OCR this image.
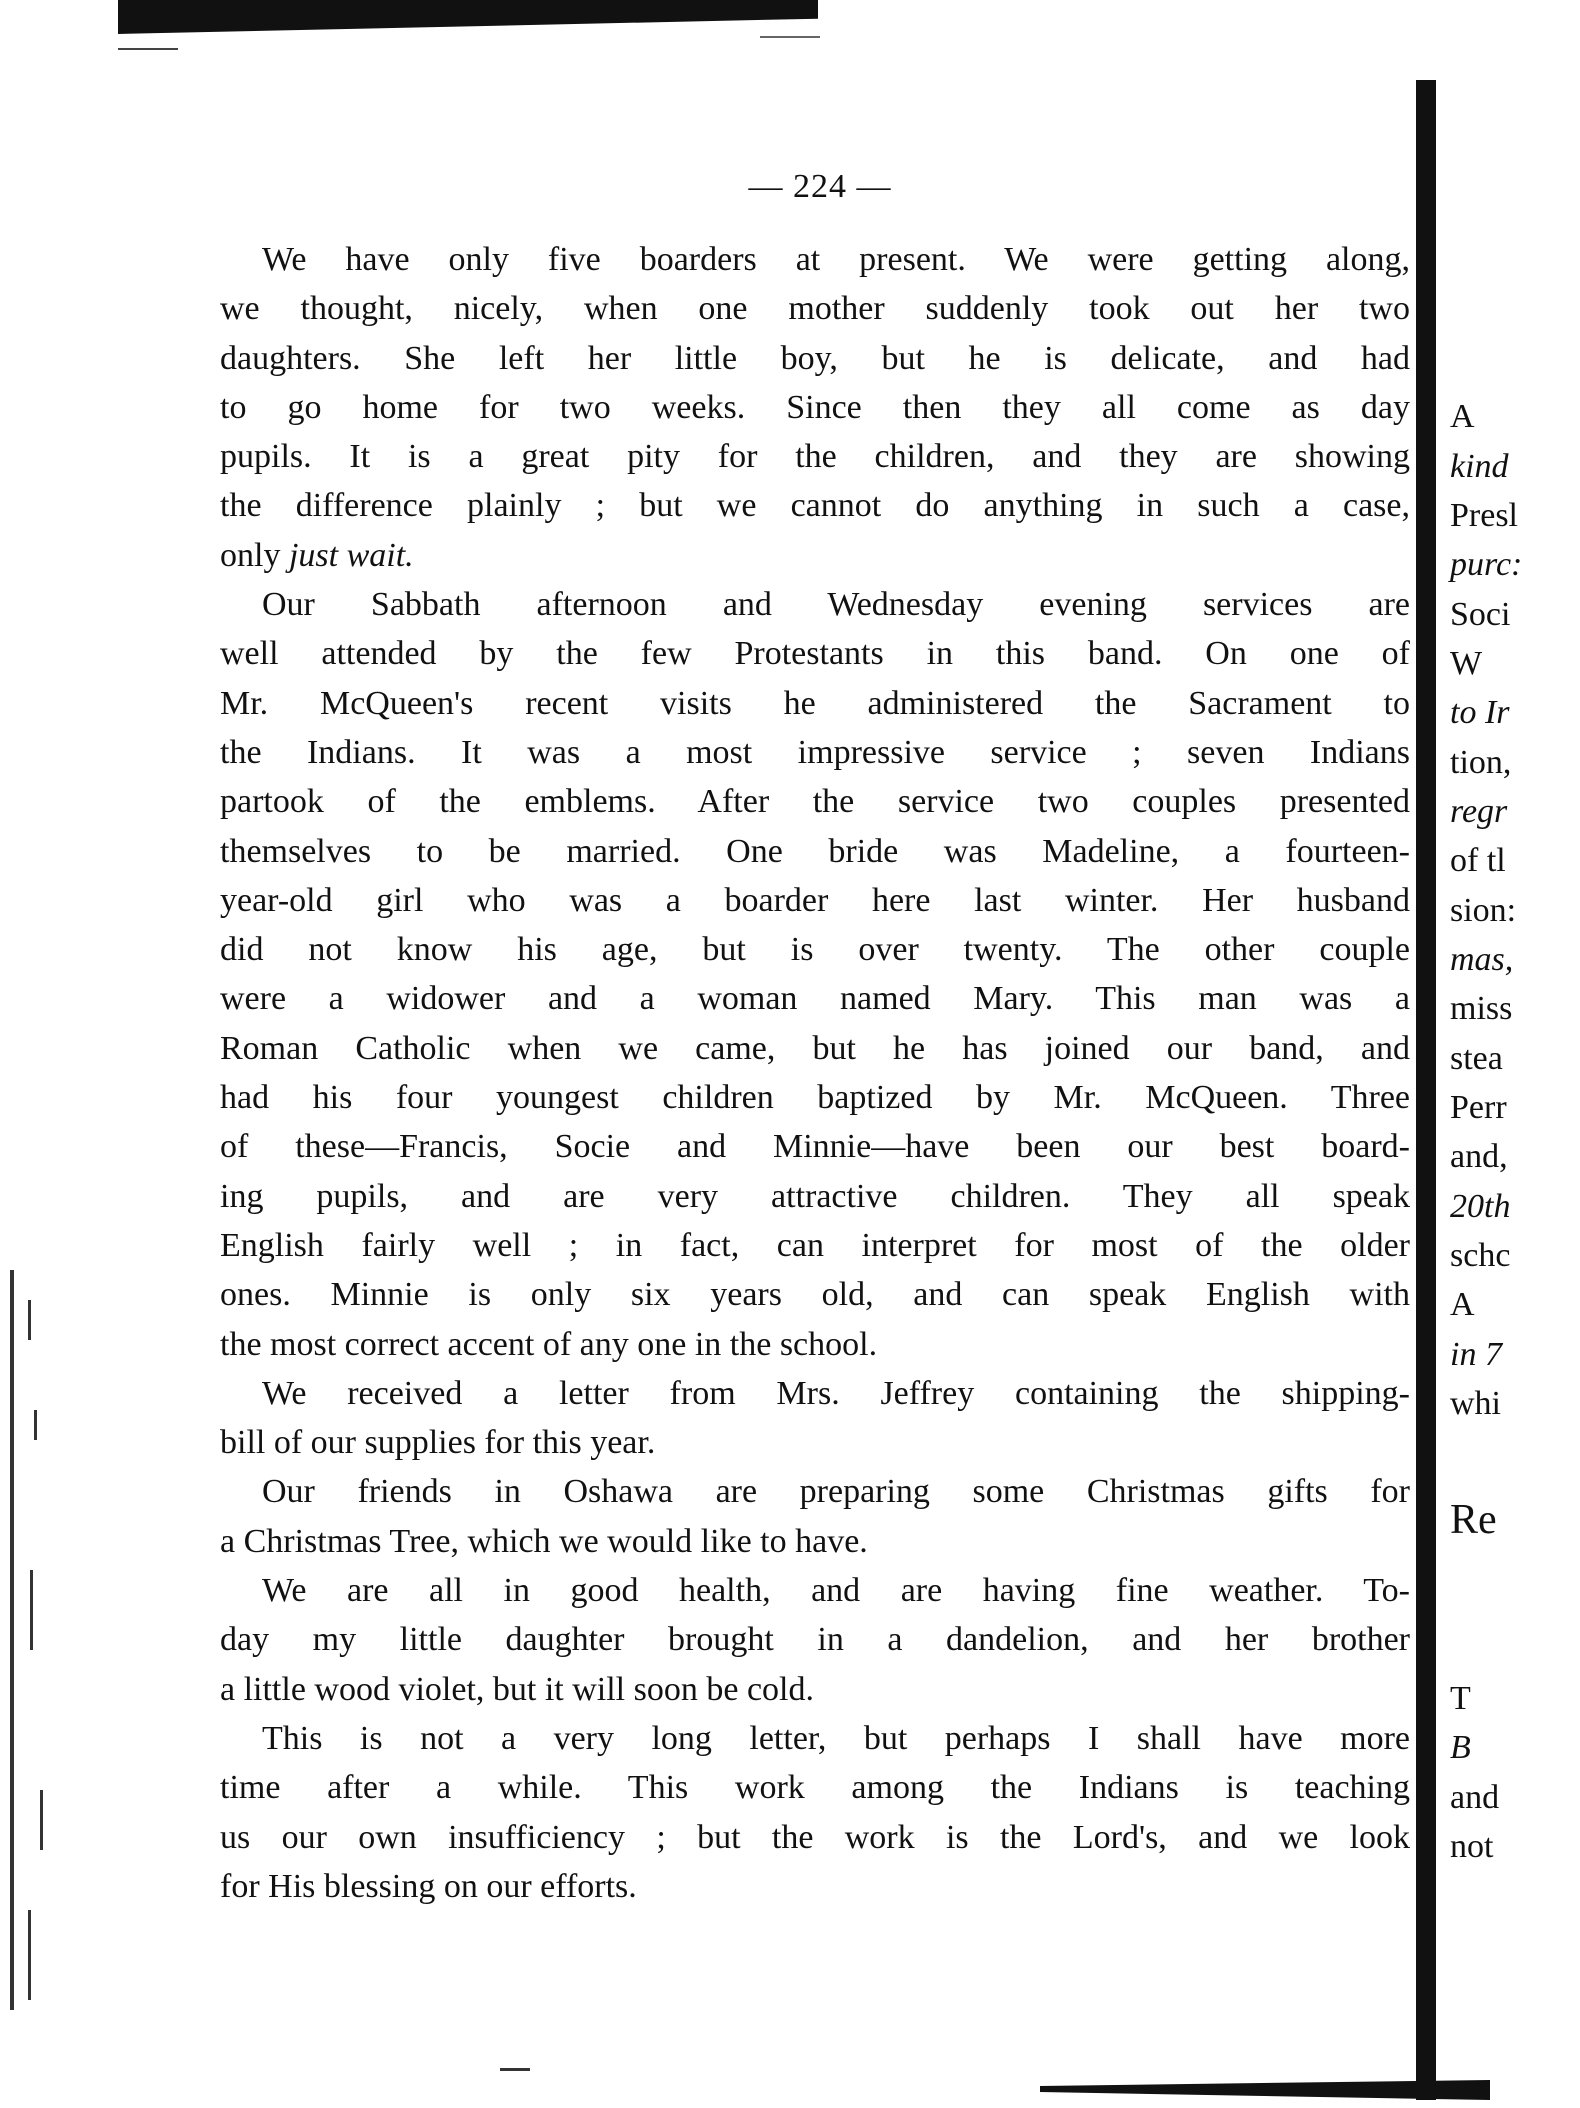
— 224 —
We have only five boarders at present. We were getting along,
we thought, nicely, when one mother suddenly took out her two
daughters. She left her little boy, but he is delicate, and had
to go home for two weeks. Since then they all come as day
pupils. It is a great pity for the children, and they are showing
the difference plainly ; but we cannot do anything in such a case,
only just wait.
Our Sabbath afternoon and Wednesday evening services are
well attended by the few Protestants in this band. On one of
Mr. McQueen's recent visits he administered the Sacrament to
the Indians. It was a most impressive service ; seven Indians
partook of the emblems. After the service two couples presented
themselves to be married. One bride was Madeline, a fourteen-
year-old girl who was a boarder here last winter. Her husband
did not know his age, but is over twenty. The other couple
were a widower and a woman named Mary. This man was a
Roman Catholic when we came, but he has joined our band, and
had his four youngest children baptized by Mr. McQueen. Three
of these—Francis, Socie and Minnie—have been our best board-
ing pupils, and are very attractive children. They all speak
English fairly well ; in fact, can interpret for most of the older
ones. Minnie is only six years old, and can speak English with
the most correct accent of any one in the school.
We received a letter from Mrs. Jeffrey containing the shipping-
bill of our supplies for this year.
Our friends in Oshawa are preparing some Christmas gifts for
a Christmas Tree, which we would like to have.
We are all in good health, and are having fine weather. To-
day my little daughter brought in a dandelion, and her brother
a little wood violet, but it will soon be cold.
This is not a very long letter, but perhaps I shall have more
time after a while. This work among the Indians is teaching
us our own insufficiency ; but the work is the Lord's, and we look
for His blessing on our efforts.
A
kind
Presl
purc:
Soci
W
to Ir
tion,
regr
of tl
sion:
mas,
miss
stea
Perr
and,
20th
schc
A
in 7
whi
Re
T
B
and
not
